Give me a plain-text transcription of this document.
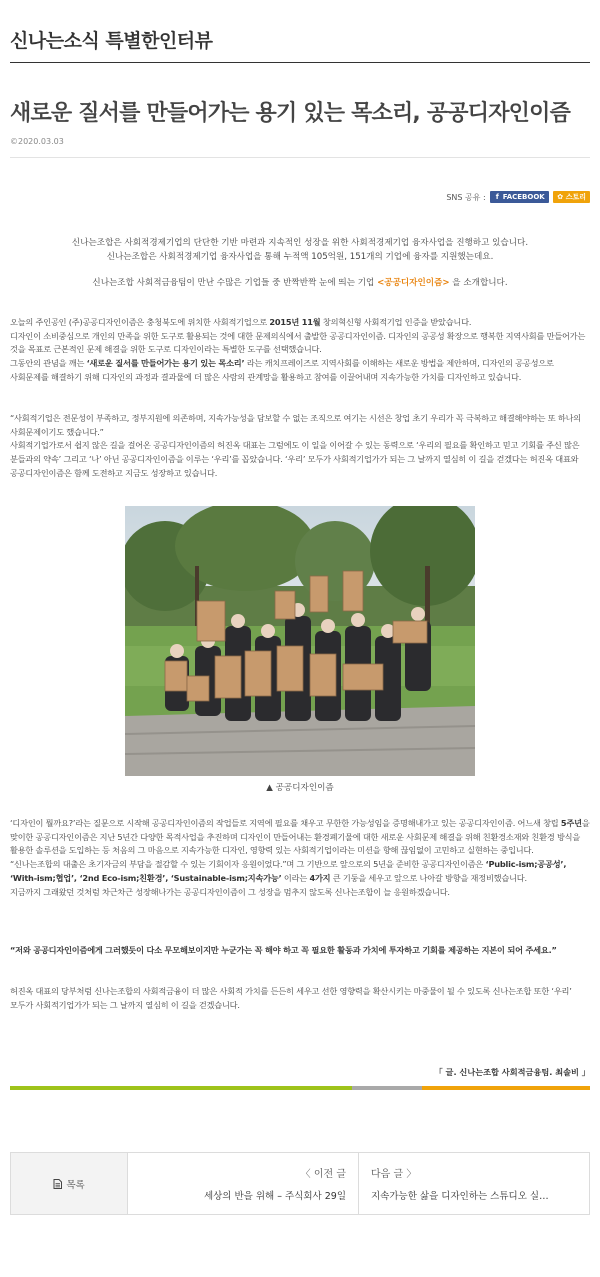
신나는소식 특별한인터뷰
새로운 질서를 만들어가는 용기 있는 목소리, 공공디자인이즘
©2020.03.03
SNS 공유 : f FACEBOOK ✿ 스토리

신나는조합은 사회적경제기업의 단단한 기반 마련과 지속적인 성장을 위한 사회적경제기업 융자사업을 진행하고 있습니다.

신나는조합은 사회적경제기업 융자사업을 통해 누적액 105억원, 151개의 기업에 융자를 지원했는데요.

신나는조합 사회적금융팀이 만난 수많은 기업들 중 반짝반짝 눈에 띄는 기업 <공공디자인이즘> 을 소개합니다.

오늘의 주인공인 (주)공공디자인이즘은 충청북도에 위치한 사회적기업으로 2015년 11월 창의혁신형 사회적기업 인증을 받았습니다.
디자인이 소비중심으로 개인의 만족을 위한 도구로 활용되는 것에 대한 문제의식에서 출발한 공공디자인이즘. 디자인의 공공성 확장으로 행복한 지역사회를 만들어가는 것을 목표로 근본적인 문제 해결을 위한 도구로 디자인이라는 특별한 도구를 선택했습니다.
그동안의 관념을 깨는 ‘새로운 질서를 만들어가는 용기 있는 목소리’ 라는 캐치프레이즈로 지역사회를 이해하는 새로운 방법을 제안하며, 디자인의 공공성으로 사회문제를 해결하기 위해 디자인의 과정과 결과물에 더 많은 사람의 관계망을 활용하고 참여를 이끌어내며 지속가능한 가치를 디자인하고 있습니다.
“사회적기업은 전문성이 부족하고, 정부지원에 의존하며, 지속가능성을 담보할 수 없는 조직으로 여기는 시선은 창업 초기 우리가 꼭 극복하고 해결해야하는 또 하나의 사회문제이기도 했습니다.”
사회적기업가로서 쉽지 않은 길을 걸어온 공공디자인이즘의 허진옥 대표는 그럼에도 이 일을 이어갈 수 있는 동력으로 ‘우리의 필요를 확인하고 믿고 기회를 주신 많은 분들과의 약속’ 그리고 ‘나’ 아닌 공공디자인이즘을 이루는 ‘우리’를 꼽았습니다. ‘우리’ 모두가 사회적기업가가 되는 그 날까지 열심히 이 길을 걷겠다는 허진옥 대표와 공공디자인이즘은 함께 도전하고 지금도 성장하고 있습니다.
▲ 공공디자인이즘
‘디자인이 뭘까요?’라는 질문으로 시작해 공공디자인이즘의 작업들로 지역에 필요를 채우고 무한한 가능성임을 증명해내가고 있는 공공디자인이즘. 어느새 창립 5주년을 맞이한 공공디자인이즘은 지난 5년간 다양한 목적사업을 추진하며 디자인이 만들어내는 환경폐기물에 대한 새로운 사회문제 해결을 위해 친환경소재와 친환경 방식을 활용한 솔루션을 도입하는 등 처음의 그 마음으로 지속가능한 디자인, 영향력 있는 사회적기업이라는 미션을 향해 끊임없이 고민하고 실현하는 중입니다.
“신나는조합의 대출은 초기자금의 부담을 절감할 수 있는 기회이자 응원이었다.”며 그 기반으로 앞으로의 5년을 준비한 공공디자인이즘은 ‘Public-ism;공공성’, ‘With-ism;협업’, ‘2nd Eco-ism;친환경’, ‘Sustainable-ism;지속가능’ 이라는 4가지 큰 기둥을 세우고 앞으로 나아갈 방향을 재정비했습니다.
지금까지 그래왔던 것처럼 차근차근 성장해나가는 공공디자인이즘이 그 성장을 멈추지 않도록 신나는조합이 늘 응원하겠습니다.
“저와 공공디자인이즘에게 그러했듯이 다소 무모해보이지만 누군가는 꼭 해야 하고 꼭 필요한 활동과 가치에 투자하고 기회를 제공하는 지본이 되어 주세요.”
허진옥 대표의 당부처럼 신나는조합의 사회적금융이 더 많은 사회적 가치를 든든히 세우고 선한 영향력을 확산시키는 마중물이 될 수 있도록 신나는조합 또한 ‘우리’ 모두가 사회적기업가가 되는 그 날까지 열심히 이 길을 걷겠습니다.
「 글. 신나는조합 사회적금융팀. 최솔비 」
목록
〈 이전 글
세상의 반을 위해 – 주식회사 29일
다음 글 〉
지속가능한 삶을 디자인하는 스튜디오 실…
